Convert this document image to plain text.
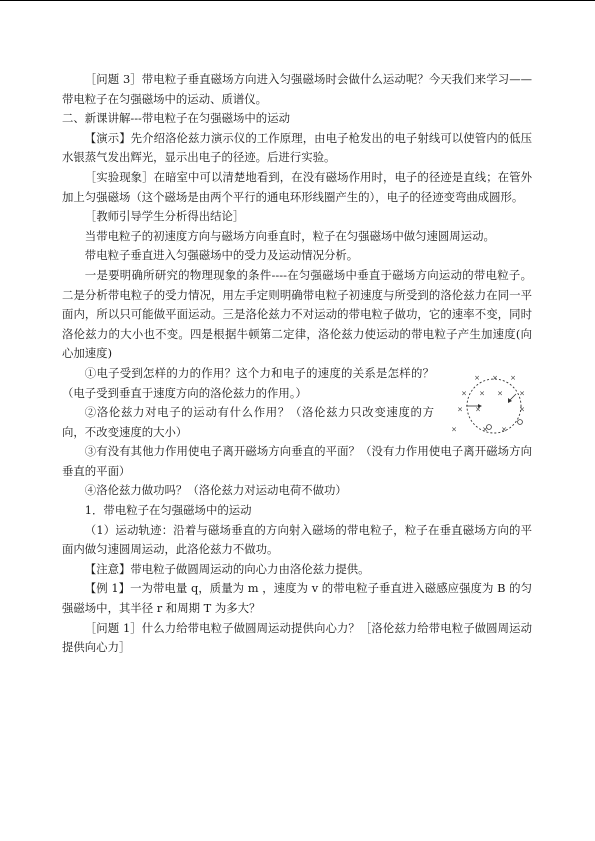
［问题 3］带电粒子垂直磁场方向进入匀强磁场时会做什么运动呢？今天我们来学习——带电粒子在匀强磁场中的运动、质谱仪。

二、新课讲解---带电粒子在匀强磁场中的运动

【演示】先介绍洛伦兹力演示仪的工作原理，由电子枪发出的电子射线可以使管内的低压水银蒸气发出辉光，显示出电子的径迹。后进行实验。

［实验现象］在暗室中可以清楚地看到，在没有磁场作用时，电子的径迹是直线；在管外加上匀强磁场（这个磁场是由两个平行的通电环形线圈产生的），电子的径迹变弯曲成圆形。

［教师引导学生分析得出结论］

当带电粒子的初速度方向与磁场方向垂直时，粒子在匀强磁场中做匀速圆周运动。

带电粒子垂直进入匀强磁场中的受力及运动情况分析。

一是要明确所研究的物理现象的条件----在匀强磁场中垂直于磁场方向运动的带电粒子。二是分析带电粒子的受力情况，用左手定则明确带电粒子初速度与所受到的洛伦兹力在同一平面内，所以只可能做平面运动。三是洛伦兹力不对运动的带电粒子做功，它的速率不变，同时洛伦兹力的大小也不变。四是根据牛顿第二定律，洛伦兹力使运动的带电粒子产生加速度(向心加速度)

× × ×
× × × ×
× ×	×
×	× ×

①电子受到怎样的力的作用？这个力和电子的速度的关系是怎样的？（电子受到垂直于速度方向的洛伦兹力的作用。）

②洛伦兹力对电子的运动有什么作用？（洛伦兹力只改变速度的方向，不改变速度的大小）

③有没有其他力作用使电子离开磁场方向垂直的平面？（没有力作用使电子离开磁场方向垂直的平面）

④洛伦兹力做功吗？（洛伦兹力对运动电荷不做功）

1．带电粒子在匀强磁场中的运动

（1）运动轨迹：沿着与磁场垂直的方向射入磁场的带电粒子，粒子在垂直磁场方向的平面内做匀速圆周运动，此洛伦兹力不做功。

【注意】带电粒子做圆周运动的向心力由洛伦兹力提供。

【例 1】一为带电量 q，质量为 m ，速度为 v 的带电粒子垂直进入磁感应强度为 B 的匀强磁场中，其半径 r 和周期 T 为多大？

［问题 1］什么力给带电粒子做圆周运动提供向心力？［洛伦兹力给带电粒子做圆周运动提供向心力］
